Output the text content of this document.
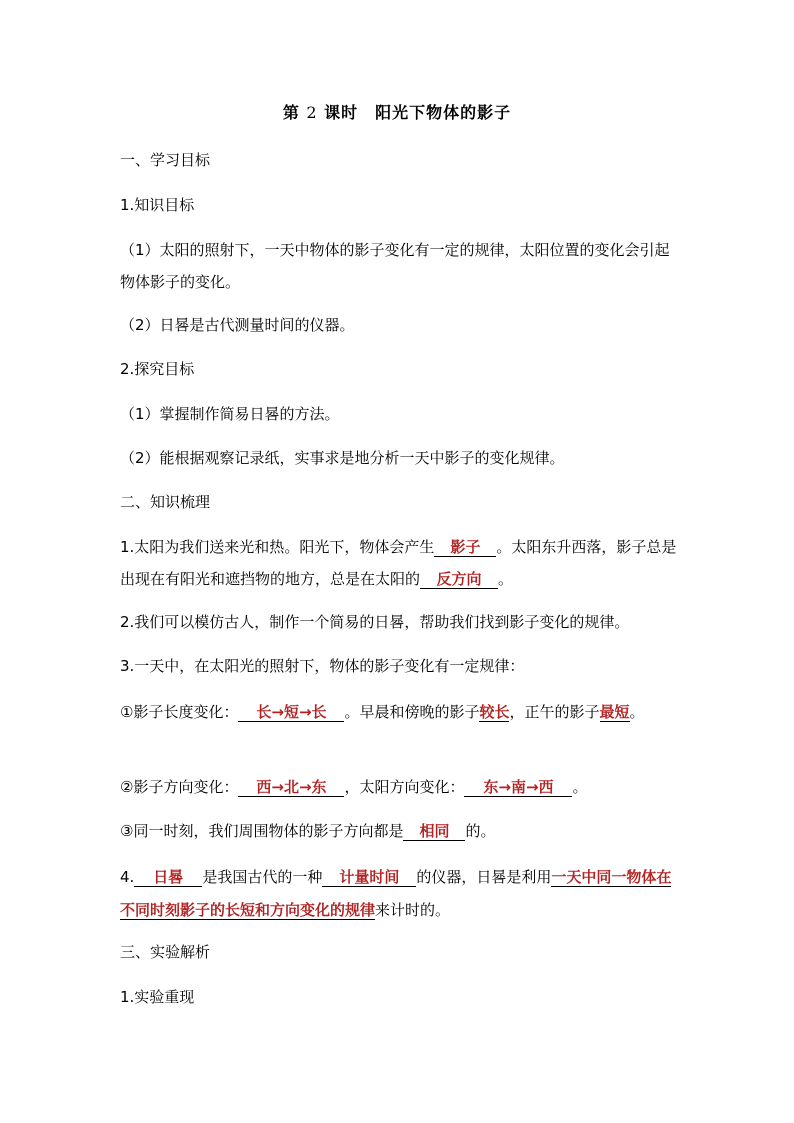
第 2 课时　阳光下物体的影子

一、学习目标

1.知识目标

（1）太阳的照射下，一天中物体的影子变化有一定的规律，太阳位置的变化会引起物体影子的变化。

（2）日晷是古代测量时间的仪器。

2.探究目标

（1）掌握制作简易日晷的方法。

（2）能根据观察记录纸，实事求是地分析一天中影子的变化规律。

二、知识梳理

1.太阳为我们送来光和热。阳光下，物体会产生 影子 。太阳东升西落，影子总是出现在有阳光和遮挡物的地方，总是在太阳的 反方向 。

2.我们可以模仿古人，制作一个简易的日晷，帮助我们找到影子变化的规律。

3.一天中，在太阳光的照射下，物体的影子变化有一定规律：

①影子长度变化： 长→短→长 。早晨和傍晚的影子较长，正午的影子最短。

②影子方向变化： 西→北→东 ，太阳方向变化： 东→南→西 。

③同一时刻，我们周围物体的影子方向都是 相同 的。

4. 日晷 是我国古代的一种 计量时间 的仪器，日晷是利用一天中同一物体在不同时刻影子的长短和方向变化的规律来计时的。

三、实验解析

1.实验重现
